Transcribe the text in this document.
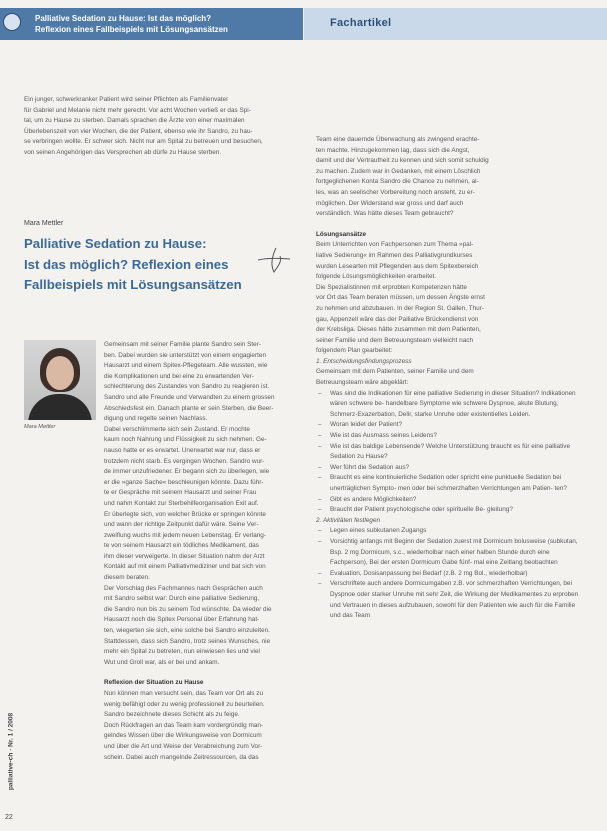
Palliative Sedation zu Hause: Ist das möglich?
Reflexion eines Fallbeispiels mit Lösungsansätzen
Fachartikel

Ein junger, schwerkranker Patient wird seiner Pflichten als Familienvater

für Gabriel und Melanie nicht mehr gerecht. Vor acht Wochen verließ er das Spi-

tal, um zu Hause zu sterben. Damals sprachen die Ärzte von einer maximalen

Überlebenszeit von vier Wochen, die der Patient, ebenso wie ihr Sandro, zu hau-

se verbringen wollte. Er schwer sich. Nicht nur am Spital zu betreuen und besuchen,

von seinen Angehörigen das Versprechen ab dürfe zu Hause sterben.

Mara Mettler
Palliative Sedation zu Hause:
Ist das möglich? Reflexion eines
Fallbeispiels mit Lösungsansätzen
Mara Mettler

Gemeinsam mit seiner Familie plante Sandro sein Ster-

ben. Dabei wurden sie unterstützt von einem engagierten

Hausarzt und einem Spitex-Pflegeteam. Alle wussten, wie

die Komplikationen und bei eine zu erwartenden Ver-

schlechterung des Zustandes von Sandro zu reagieren ist.

Sandro und alle Freunde und Verwandten zu einem grossen

Abschiedsfest ein. Danach plante er sein Sterben, die Beer-

digung und regelte seinen Nachlass.

Dabei verschlimmerte sich sein Zustand. Er mochte

kaum noch Nahrung und Flüssigkeit zu sich nehmen. Ge-

nauso hatte er es erwartet. Unerwartet war nur, dass er

trotzdem nicht starb. Es vergingen Wochen. Sandro wur-

de immer unzufriedener. Er begann sich zu überlegen, wie

er die »ganze Sache« beschleunigen könnte. Dazu führ-

te er Gespräche mit seinem Hausarzt und seiner Frau

und nahm Kontakt zur Sterbehilfeorganisation Exit auf.

Er überlegte sich, von welcher Brücke er springen könnte

und wann der richtige Zeitpunkt dafür wäre. Seine Ver-

zweiflung wuchs mit jedem neuen Lebenstag. Er verlang-

te von seinem Hausarzt ein tödliches Medikament, das

ihm dieser verweigerte. In dieser Situation nahm der Arzt

Kontakt auf mit einem Palliativmediziner und bat sich von

diesem beraten.

Der Vorschlag des Fachmannes nach Gesprächen auch

mit Sandro selbst war: Durch eine palliative Sedierung,

die Sandro nun bis zu seinem Tod wünschte. Da wieder die

Hausarzt noch die Spitex Personal über Erfahrung hat-

ten, wiegerten sie sich, eine solche bei Sandro einzuleiten.

Stattdessen, dass sich Sandro, trotz seines Wunsches, nie

mehr ein Spital zu betreten, nun einwiesen lies und viel

Wut und Groll war, als er bei und ankam.

Reflexion der Situation zu Hause

Nun können man versucht sein, das Team vor Ort als zu

wenig befähigt oder zu wenig professionell zu beurteilen.

Sandro bezeichnete dieses Schicht als zu feige.

Doch Rückfragen an das Team kam vordergründig man-

gelndes Wissen über die Wirkungsweise von Dormicum

und über die Art und Weise der Verabreichung zum Vor-

schein. Dabei auch mangelnde Zeitressourcen, da das

Team eine dauernde Überwachung als zwingend erachte-

ten machte. Hinzugekommen lag, dass sich die Angst,

damit und der Vertrautheit zu kennen und sich somit schuldig

zu machen. Zudem war in Gedanken, mit einem Löschlich

fortgeglichenen Konta Sandro die Chance zu nehmen, al-

les, was an seelischer Vorbereitung noch ansteht, zu er-

möglichen. Der Widerstand war gross und darf auch

verständlich. Was hätte dieses Team gebraucht?

Lösungsansätze

Beim Unterrichten von Fachpersonen zum Thema »pal-

liative Sedierung« im Rahmen des Palliativgrundkurses

wurden Lesearten mit Pflegenden aus dem Spitexbereich

folgende Lösungsmöglichkeiten erarbeitet.

Die Spezialistinnen mit erprobten Kompetenzen hätte

vor Ort das Team beraten müssen, um dessen Ängste ernst

zu nehmen und abzubauen. In der Region St. Gallen, Thur-

gau, Appenzell wäre das der Palliative Brückendienst von

der Krebsliga. Dieses hätte zusammen mit dem Patienten,

seiner Familie und dem Betreuungsteam vielleicht nach

folgendem Plan gearbeitet:

1. Entscheidungsfindungsprozess

Gemeinsam mit dem Patienten, seiner Familie und dem

Betreuungsteam wäre abgeklärt:

– Was sind die Indikationen für eine palliative Sedierung in dieser Situation? Indikationen wären schwere be- handelbare Symptome wie schwere Dyspnoe, akute Blutung, Schmerz-Exazerbation, Delir, starke Unruhe oder existentielles Leiden.
– Woran leidet der Patient?
– Wie ist das Ausmass seines Leidens?
– Wie ist das baldige Lebensende? Welche Unterstützung braucht es für eine palliative Sedation zu Hause?
– Wer führt die Sedation aus?
– Braucht es eine kontinuierliche Sedation oder spricht eine punktuelle Sedation bei unerträglichen Sympto- men oder bei schmerzhaften Verrichtungen am Patien- ten?
– Gibt es andere Möglichkeiten?
– Braucht der Patient psychologische oder spirituelle Be- gleitung?

2. Aktivitäten festlegen

– Legen eines subkutanen Zugangs
– Vorsichtig anfangs mit Beginn der Sedation zuerst mit Dormicum bolusweise (subkutan, Bsp. 2 mg Dormicum, s.c., wiederholbar nach einer halben Stunde durch eine Fachperson), Bei der ersten Dormicum Gabe fünf- mal eine Zeitlang beobachten
– Evaluation, Dosisanpassung bei Bedarf (z.B. 2 mg Bol., wiederholbar)
– Verschriftete auch andere Dormicumgaben z.B. vor schmerzhaften Verrichtungen, bei Dyspnoe oder starker Unruhe mit sehr Zeit, die Wirkung der Medikamentes zu erproben und Vertrauen in dieses aufzubauen, sowohl für den Patienten wie auch für die Familie und das Team
palliative-ch · Nr. 1 / 2008
22
